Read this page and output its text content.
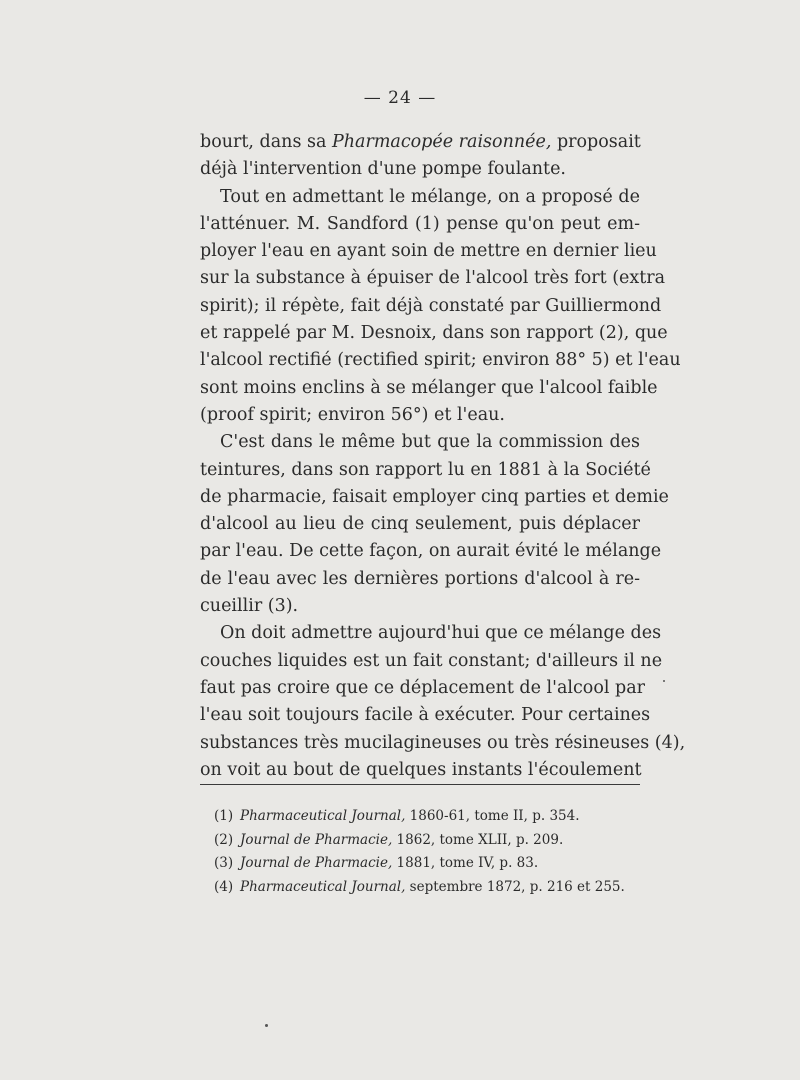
— 24 —
bourt, dans sa Pharmacopée raisonnée, proposait
déjà l'intervention d'une pompe foulante.
Tout en admettant le mélange, on a proposé de
l'atténuer. M. Sandford (1) pense qu'on peut em-
ployer l'eau en ayant soin de mettre en dernier lieu
sur la substance à épuiser de l'alcool très fort (extra
spirit); il répète, fait déjà constaté par Guilliermond
et rappelé par M. Desnoix, dans son rapport (2), que
l'alcool rectifié (rectified spirit; environ 88° 5) et l'eau
sont moins enclins à se mélanger que l'alcool faible
(proof spirit; environ 56°) et l'eau.
C'est dans le même but que la commission des
teintures, dans son rapport lu en 1881 à la Société
de pharmacie, faisait employer cinq parties et demie
d'alcool au lieu de cinq seulement, puis déplacer
par l'eau. De cette façon, on aurait évité le mélange
de l'eau avec les dernières portions d'alcool à re-
cueillir (3).
On doit admettre aujourd'hui que ce mélange des
couches liquides est un fait constant; d'ailleurs il ne
faut pas croire que ce déplacement de l'alcool par
l'eau soit toujours facile à exécuter. Pour certaines
substances très mucilagineuses ou très résineuses (4),
on voit au bout de quelques instants l'écoulement
(1) Pharmaceutical Journal, 1860-61, tome II, p. 354.
(2) Journal de Pharmacie, 1862, tome XLII, p. 209.
(3) Journal de Pharmacie, 1881, tome IV, p. 83.
(4) Pharmaceutical Journal, septembre 1872, p. 216 et 255.
